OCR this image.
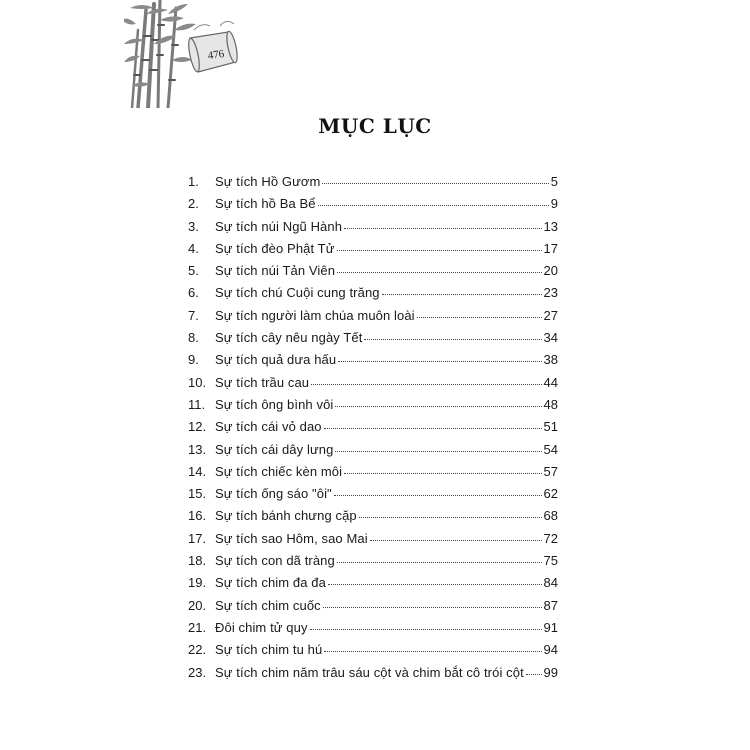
476
MỤC LỤC
1.	Sự tích Hồ Gươm	5
2.	Sự tích hồ Ba Bể	9
3.	Sự tích núi Ngũ Hành	13
4.	Sự tích đèo Phật Tử	17
5.	Sự tích núi Tản Viên	20
6.	Sự tích chú Cuội cung trăng	23
7.	Sự tích người làm chúa muôn loài	27
8.	Sự tích cây nêu ngày Tết	34
9.	Sự tích quả dưa hấu	38
10. Sự tích trầu cau	44
11. Sự tích ông bình vôi	48
12. Sự tích cái vỏ dao	51
13. Sự tích cái dây lưng	54
14. Sự tích chiếc kèn môi	57
15. Sự tích ống sáo "ôi"	62
16. Sự tích bánh chưng cặp	68
17. Sự tích sao Hôm, sao Mai	72
18. Sự tích con dã tràng	75
19. Sự tích chim đa đa	84
20. Sự tích chim cuốc	87
21. Đôi chim tử quy	91
22. Sự tích chim tu hú	94
23. Sự tích chim năm trâu sáu cột và chim bắt cô trói cột 99
